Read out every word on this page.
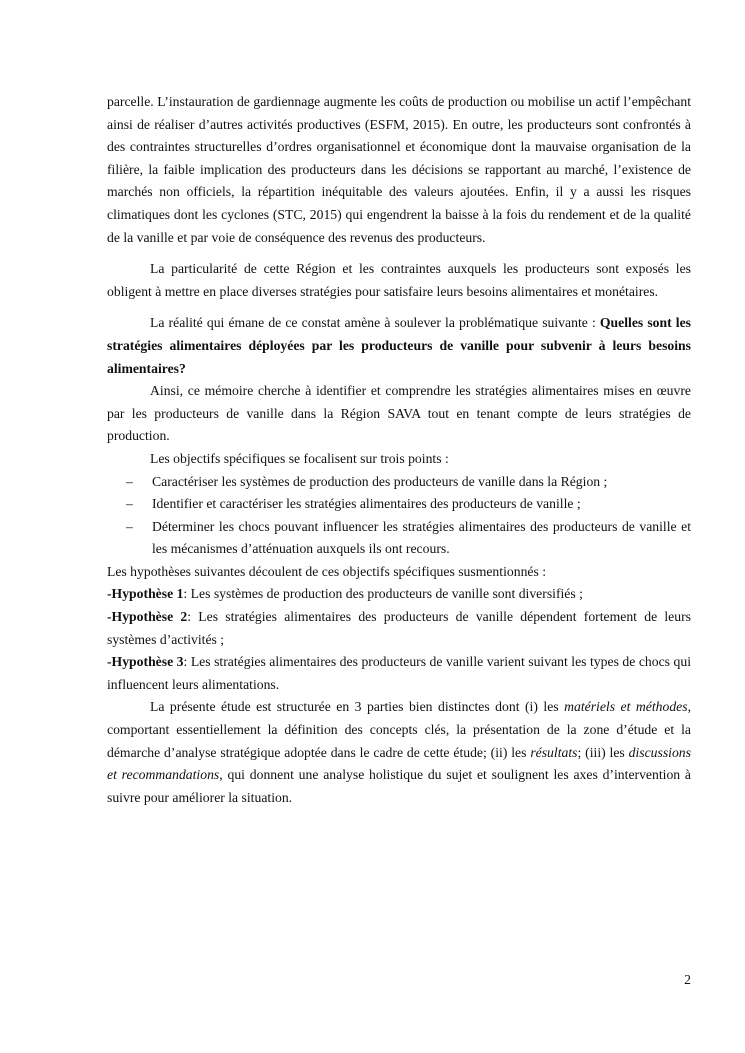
parcelle. L’instauration de gardiennage augmente les coûts de production ou mobilise un actif l’empêchant ainsi de réaliser d’autres activités productives (ESFM, 2015). En outre, les producteurs sont confrontés à des contraintes structurelles d’ordres organisationnel et économique dont la mauvaise organisation de la filière, la faible implication des producteurs dans les décisions se rapportant au marché, l’existence de marchés non officiels, la répartition inéquitable des valeurs ajoutées. Enfin, il y a aussi les risques climatiques dont les cyclones (STC, 2015) qui engendrent la baisse à la fois du rendement et de la qualité de la vanille et par voie de conséquence des revenus des producteurs.

La particularité de cette Région et les contraintes auxquels les producteurs sont exposés les obligent à mettre en place diverses stratégies pour satisfaire leurs besoins alimentaires et monétaires.

La réalité qui émane de ce constat amène à soulever la problématique suivante : Quelles sont les stratégies alimentaires déployées par les producteurs de vanille pour subvenir à leurs besoins alimentaires?

Ainsi, ce mémoire cherche à identifier et comprendre les stratégies alimentaires mises en œuvre par les producteurs de vanille dans la Région SAVA tout en tenant compte de leurs stratégies de production.

Les objectifs spécifiques se focalisent sur trois points :

– Caractériser les systèmes de production des producteurs de vanille dans la Région ;
– Identifier et caractériser les stratégies alimentaires des producteurs de vanille ;
– Déterminer les chocs pouvant influencer les stratégies alimentaires des producteurs de vanille et les mécanismes d’atténuation auxquels ils ont recours.

Les hypothèses suivantes découlent de ces objectifs spécifiques susmentionnés :

-Hypothèse 1: Les systèmes de production des producteurs de vanille sont diversifiés ;

-Hypothèse 2: Les stratégies alimentaires des producteurs de vanille dépendent fortement de leurs systèmes d’activités ;

-Hypothèse 3: Les stratégies alimentaires des producteurs de vanille varient suivant les types de chocs qui influencent leurs alimentations.

La présente étude est structurée en 3 parties bien distinctes dont (i) les matériels et méthodes, comportant essentiellement la définition des concepts clés, la présentation de la zone d’étude et la démarche d’analyse stratégique adoptée dans le cadre de cette étude; (ii) les résultats; (iii) les discussions et recommandations, qui donnent une analyse holistique du sujet et soulignent les axes d’intervention à suivre pour améliorer la situation.

2
